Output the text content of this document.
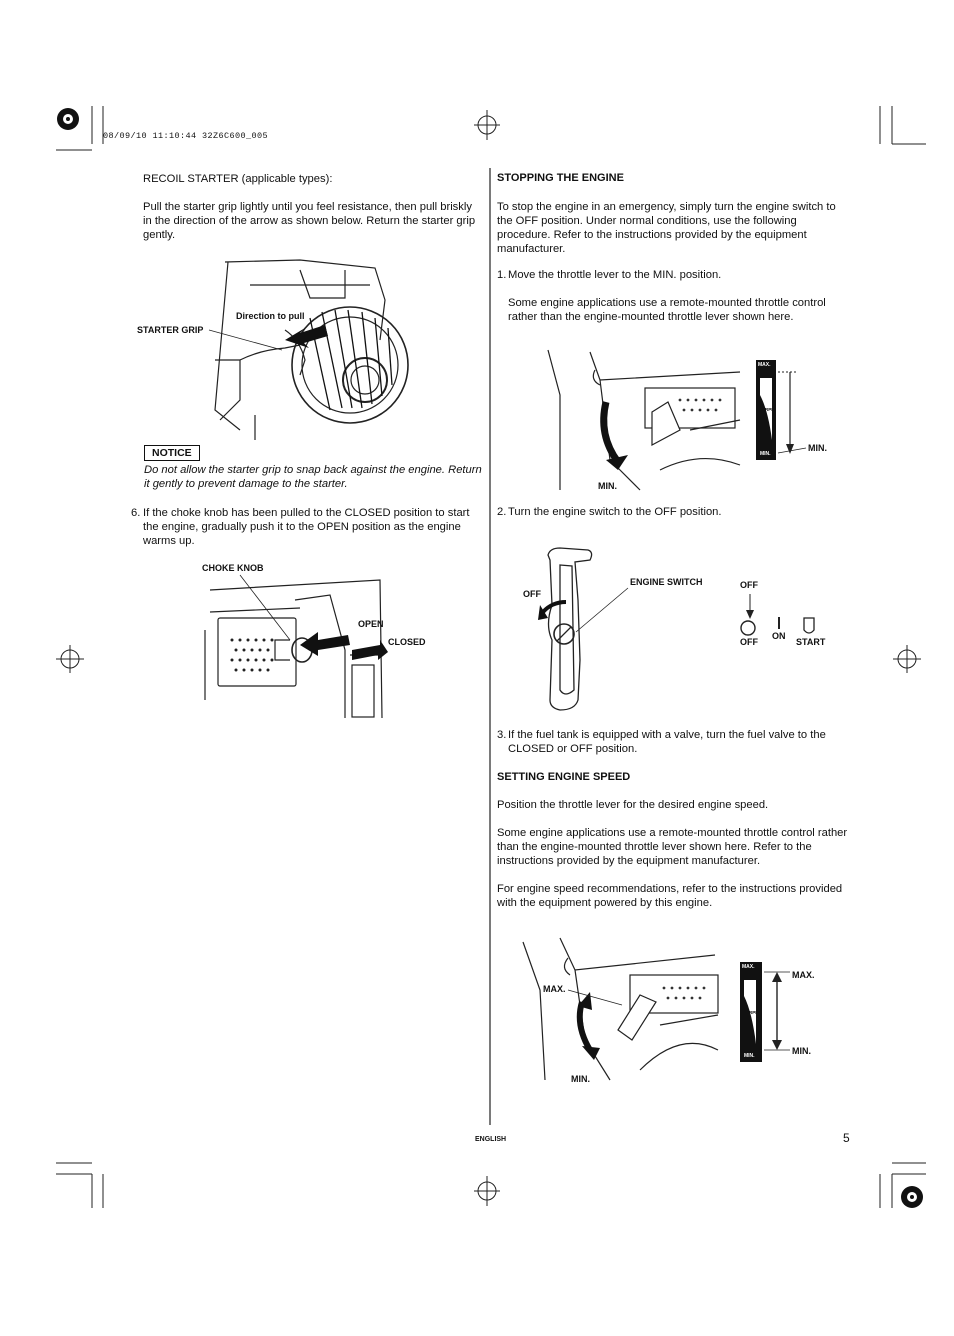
08/09/10 11:10:44 32Z6C600_005
RECOIL STARTER (applicable types):
Pull the starter grip lightly until you feel resistance, then pull briskly in the direction of the arrow as shown below. Return the starter grip gently.
STARTER GRIP
Direction to pull
NOTICE
Do not allow the starter grip to snap back against the engine. Return it gently to prevent damage to the starter.
6. If the choke knob has been pulled to the CLOSED position to start the engine, gradually push it to the OPEN position as the engine warms up.
CHOKE KNOB
OPEN
CLOSED
STOPPING THE ENGINE
To stop the engine in an emergency, simply turn the engine switch to the OFF position. Under normal conditions, use the following procedure. Refer to the instructions provided by the equipment manufacturer.
1. Move the throttle lever to the MIN. position.
Some engine applications use a remote-mounted throttle control rather than the engine-mounted throttle lever shown here.
MAX.
RPM
MIN.
MIN.
MIN.
2. Turn the engine switch to the OFF position.
OFF
ENGINE SWITCH	OFF
OFF
ON
START
3. If the fuel tank is equipped with a valve, turn the fuel valve to the CLOSED or OFF position.
SETTING ENGINE SPEED
Position the throttle lever for the desired engine speed.
Some engine applications use a remote-mounted throttle control rather than the engine-mounted throttle lever shown here. Refer to the instructions provided by the equipment manufacturer.
For engine speed recommendations, refer to the instructions provided with the equipment powered by this engine.
MAX.
RPM
MIN.
MAX.
MIN.
MAX.
MIN.
ENGLISH	5
